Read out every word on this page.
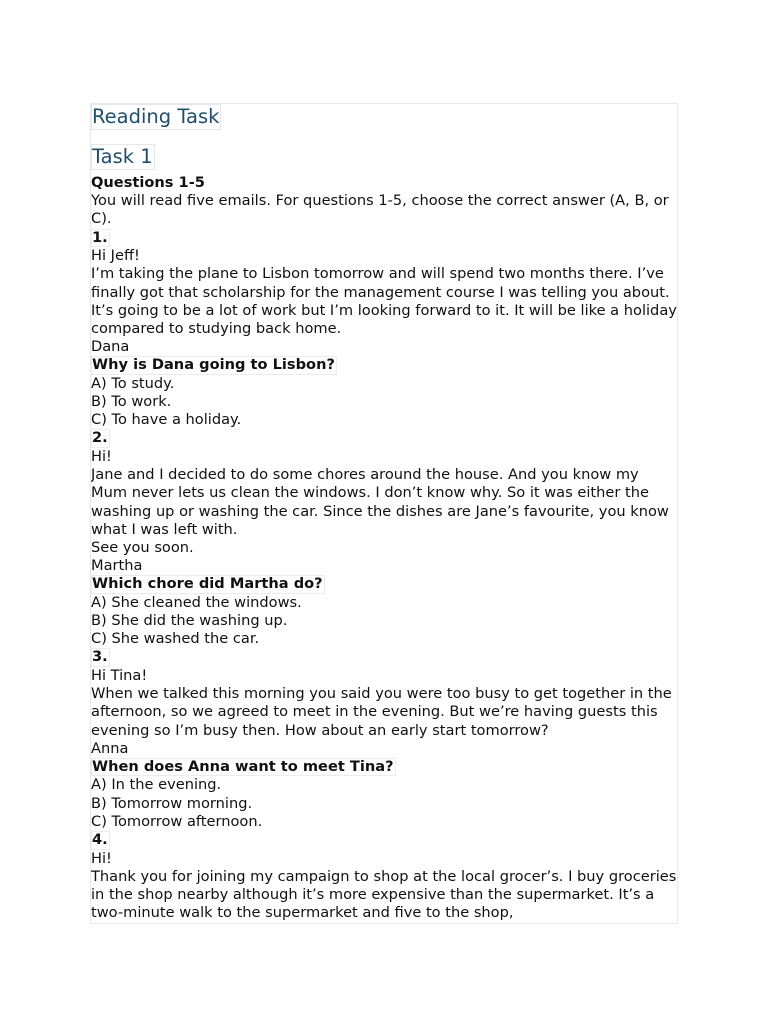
Reading Task
Task 1
Questions 1-5
You will read five emails. For questions 1-5, choose the correct answer (A, B, or C).
1.
Hi Jeff!
I’m taking the plane to Lisbon tomorrow and will spend two months there. I’ve finally got that scholarship for the management course I was telling you about. It’s going to be a lot of work but I’m looking forward to it. It will be like a holiday compared to studying back home.
Dana
Why is Dana going to Lisbon?
A) To study.
B) To work.
C) To have a holiday.
2.
Hi!
Jane and I decided to do some chores around the house. And you know my Mum never lets us clean the windows. I don’t know why. So it was either the washing up or washing the car. Since the dishes are Jane’s favourite, you know what I was left with.
See you soon.
Martha
Which chore did Martha do?
A) She cleaned the windows.
B) She did the washing up.
C) She washed the car.
3.
Hi Tina!
When we talked this morning you said you were too busy to get together in the afternoon, so we agreed to meet in the evening. But we’re having guests this evening so I’m busy then. How about an early start tomorrow?
Anna
When does Anna want to meet Tina?
A) In the evening.
B) Tomorrow morning.
C) Tomorrow afternoon.
4.
Hi!
Thank you for joining my campaign to shop at the local grocer’s. I buy groceries in the shop nearby although it’s more expensive than the supermarket. It’s a two-minute walk to the supermarket and five to the shop,
